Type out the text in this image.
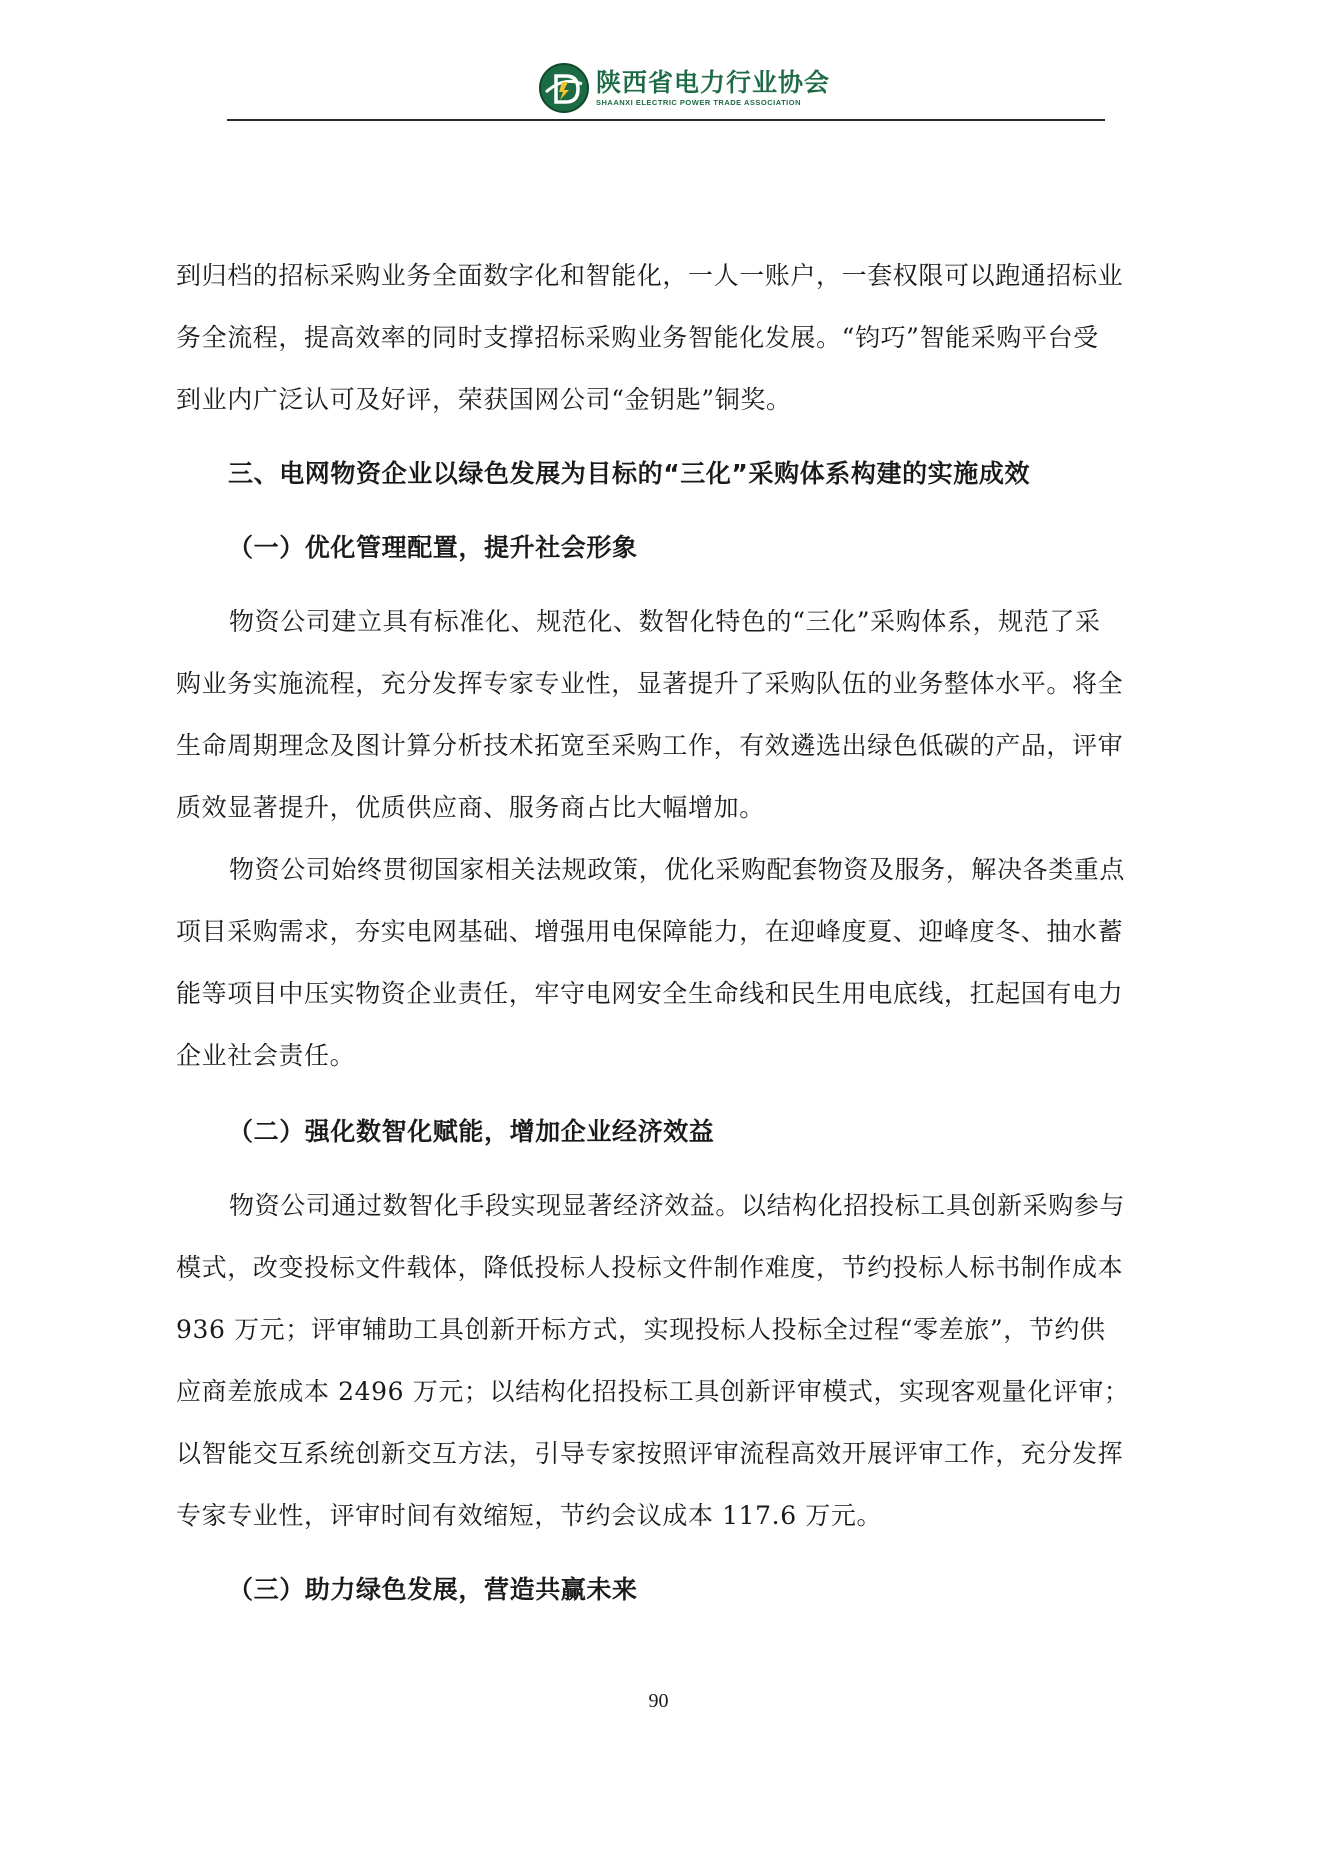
陕西省电力行业协会
SHAANXI ELECTRIC POWER TRADE ASSOCIATION
到归档的招标采购业务全面数字化和智能化，一人一账户，一套权限可以跑通招标业
务全流程，提高效率的同时支撑招标采购业务智能化发展。“钧巧”智能采购平台受
到业内广泛认可及好评，荣获国网公司“金钥匙”铜奖。
三、电网物资企业以绿色发展为目标的“三化”采购体系构建的实施成效
（一）优化管理配置，提升社会形象
物资公司建立具有标准化、规范化、数智化特色的“三化”采购体系，规范了采
购业务实施流程，充分发挥专家专业性，显著提升了采购队伍的业务整体水平。将全
生命周期理念及图计算分析技术拓宽至采购工作，有效遴选出绿色低碳的产品，评审
质效显著提升，优质供应商、服务商占比大幅增加。
物资公司始终贯彻国家相关法规政策，优化采购配套物资及服务，解决各类重点
项目采购需求，夯实电网基础、增强用电保障能力，在迎峰度夏、迎峰度冬、抽水蓄
能等项目中压实物资企业责任，牢守电网安全生命线和民生用电底线，扛起国有电力
企业社会责任。
（二）强化数智化赋能，增加企业经济效益
物资公司通过数智化手段实现显著经济效益。以结构化招投标工具创新采购参与
模式，改变投标文件载体，降低投标人投标文件制作难度，节约投标人标书制作成本
936 万元；评审辅助工具创新开标方式，实现投标人投标全过程“零差旅”，节约供
应商差旅成本 2496 万元；以结构化招投标工具创新评审模式，实现客观量化评审；
以智能交互系统创新交互方法，引导专家按照评审流程高效开展评审工作，充分发挥
专家专业性，评审时间有效缩短，节约会议成本 117.6 万元。
（三）助力绿色发展，营造共赢未来
90
